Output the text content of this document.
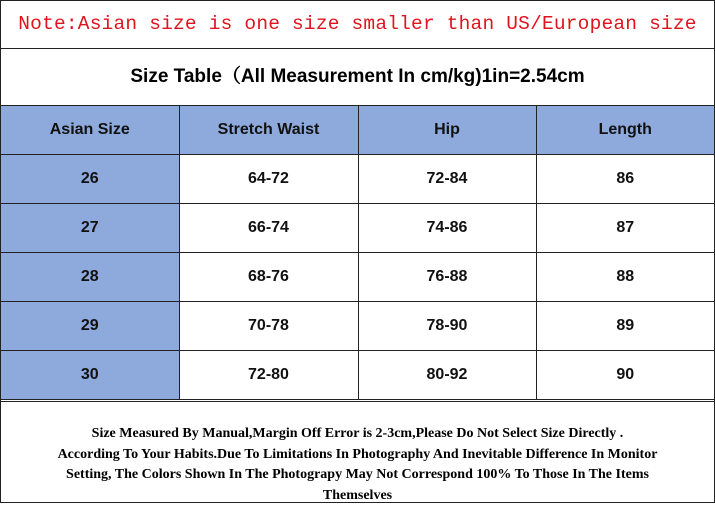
Note:Asian size is one size smaller than US/European size
Size Table（All Measurement In cm/kg)1in=2.54cm
Asian Size	Stretch Waist	Hip	Length
26	64-72	72-84	86
27	66-74	74-86	87
28	68-76	76-88	88
29	70-78	78-90	89
30	72-80	80-92	90
Size Measured By Manual,Margin Off Error is 2-3cm,Please Do Not Select Size Directly .
According To Your Habits.Due To Limitations In Photography And Inevitable Difference In Monitor
Setting, The Colors Shown In The Photograpy May Not Correspond 100% To Those In The Items
Themselves
